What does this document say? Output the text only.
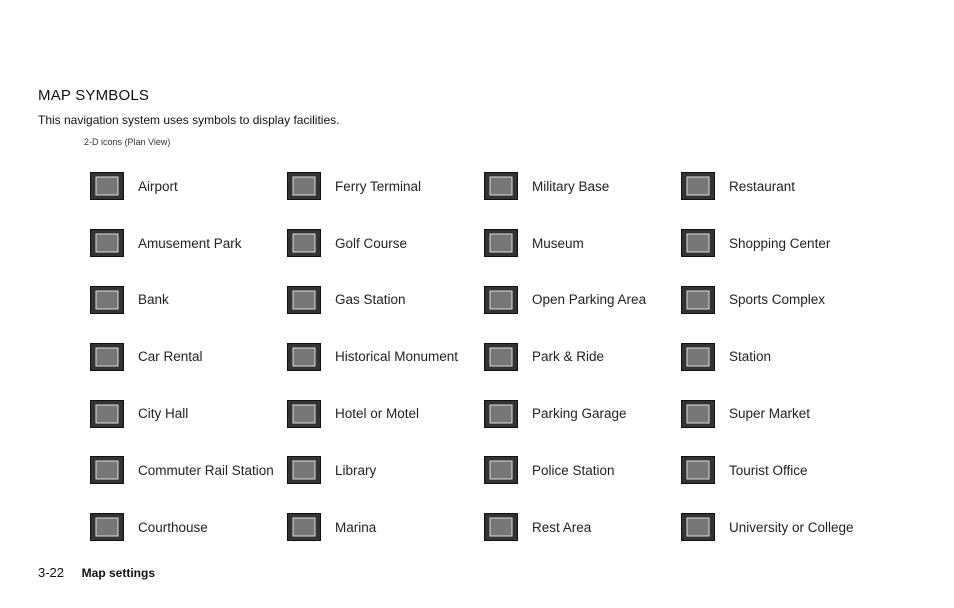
MAP SYMBOLS
This navigation system uses symbols to display facilities.
2-D icons (Plan View)
Airport	Ferry Terminal	Military Base	Restaurant
Amusement Park	Golf Course	Museum	Shopping Center
Bank	Gas Station	Open Parking Area	Sports Complex
Car Rental	Historical Monument	Park & Ride	Station
City Hall	Hotel or Motel	Parking Garage	Super Market
Commuter Rail Station	Library	Police Station	Tourist Office
Courthouse	Marina	Rest Area	University or College
3-22 Map settings
